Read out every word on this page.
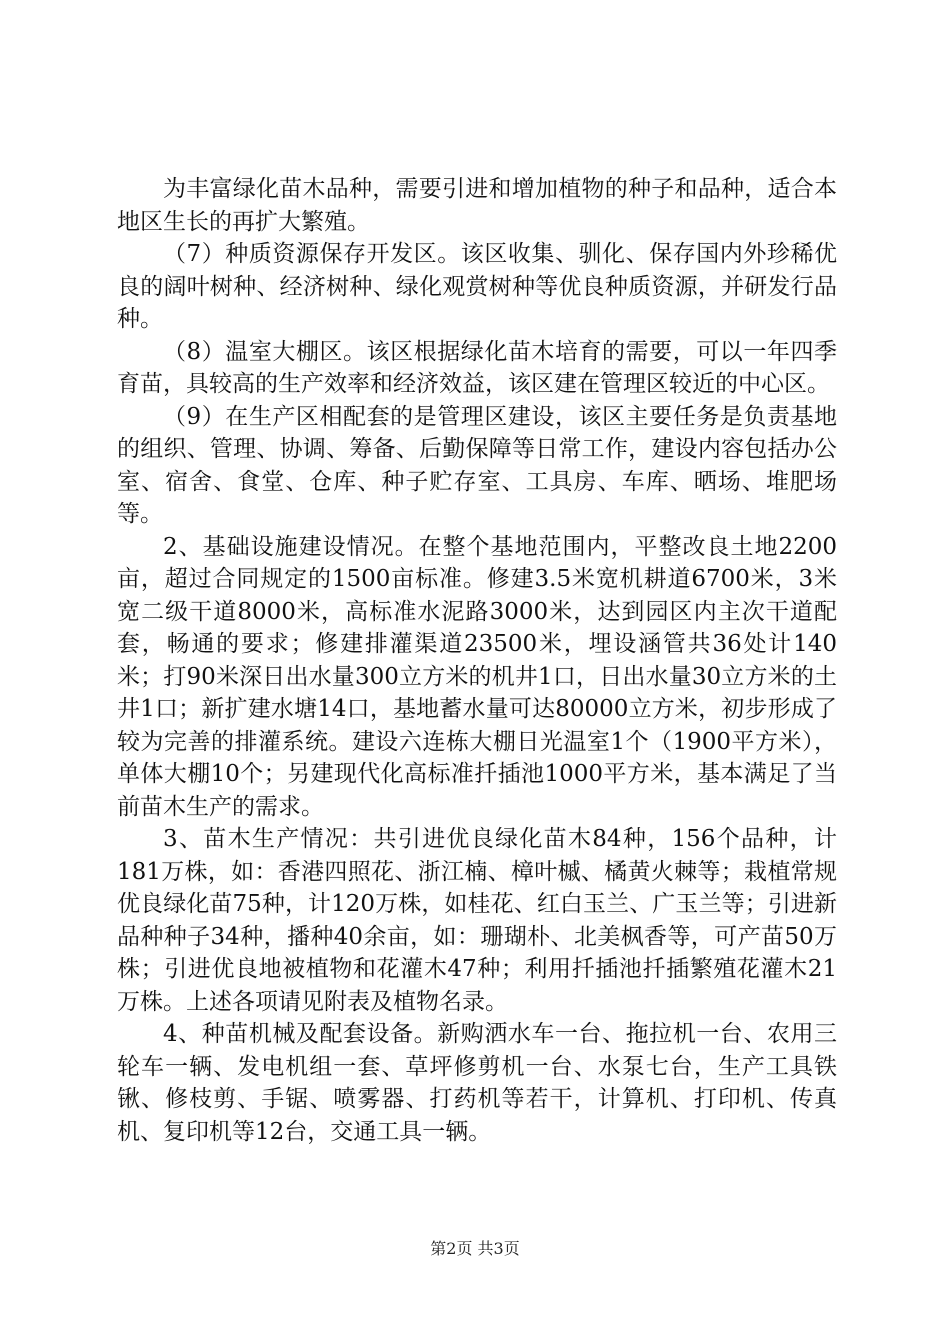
为丰富绿化苗木品种，需要引进和增加植物的种子和品种，适合本地区生长的再扩大繁殖。

（7）种质资源保存开发区。该区收集、驯化、保存国内外珍稀优良的阔叶树种、经济树种、绿化观赏树种等优良种质资源，并研发行品种。

（8）温室大棚区。该区根据绿化苗木培育的需要，可以一年四季育苗，具较高的生产效率和经济效益，该区建在管理区较近的中心区。

（9）在生产区相配套的是管理区建设，该区主要任务是负责基地的组织、管理、协调、筹备、后勤保障等日常工作，建设内容包括办公室、宿舍、食堂、仓库、种子贮存室、工具房、车库、晒场、堆肥场等。

2、基础设施建设情况。在整个基地范围内，平整改良土地2200亩，超过合同规定的1500亩标准。修建3.5米宽机耕道6700米，3米宽二级干道8000米，高标准水泥路3000米，达到园区内主次干道配套，畅通的要求；修建排灌渠道23500米，埋设涵管共36处计140米；打90米深日出水量300立方米的机井1口，日出水量30立方米的土井1口；新扩建水塘14口，基地蓄水量可达80000立方米，初步形成了较为完善的排灌系统。建设六连栋大棚日光温室1个（1900平方米），单体大棚10个；另建现代化高标准扦插池1000平方米，基本满足了当前苗木生产的需求。

3、苗木生产情况：共引进优良绿化苗木84种，156个品种，计181万株，如：香港四照花、浙江楠、樟叶槭、橘黄火棘等；栽植常规优良绿化苗75种，计120万株，如桂花、红白玉兰、广玉兰等；引进新品种种子34种，播种40余亩，如：珊瑚朴、北美枫香等，可产苗50万株；引进优良地被植物和花灌木47种；利用扦插池扦插繁殖花灌木21万株。上述各项请见附表及植物名录。

4、种苗机械及配套设备。新购洒水车一台、拖拉机一台、农用三轮车一辆、发电机组一套、草坪修剪机一台、水泵七台，生产工具铁锹、修枝剪、手锯、喷雾器、打药机等若干，计算机、打印机、传真机、复印机等12台，交通工具一辆。

第2页 共3页
